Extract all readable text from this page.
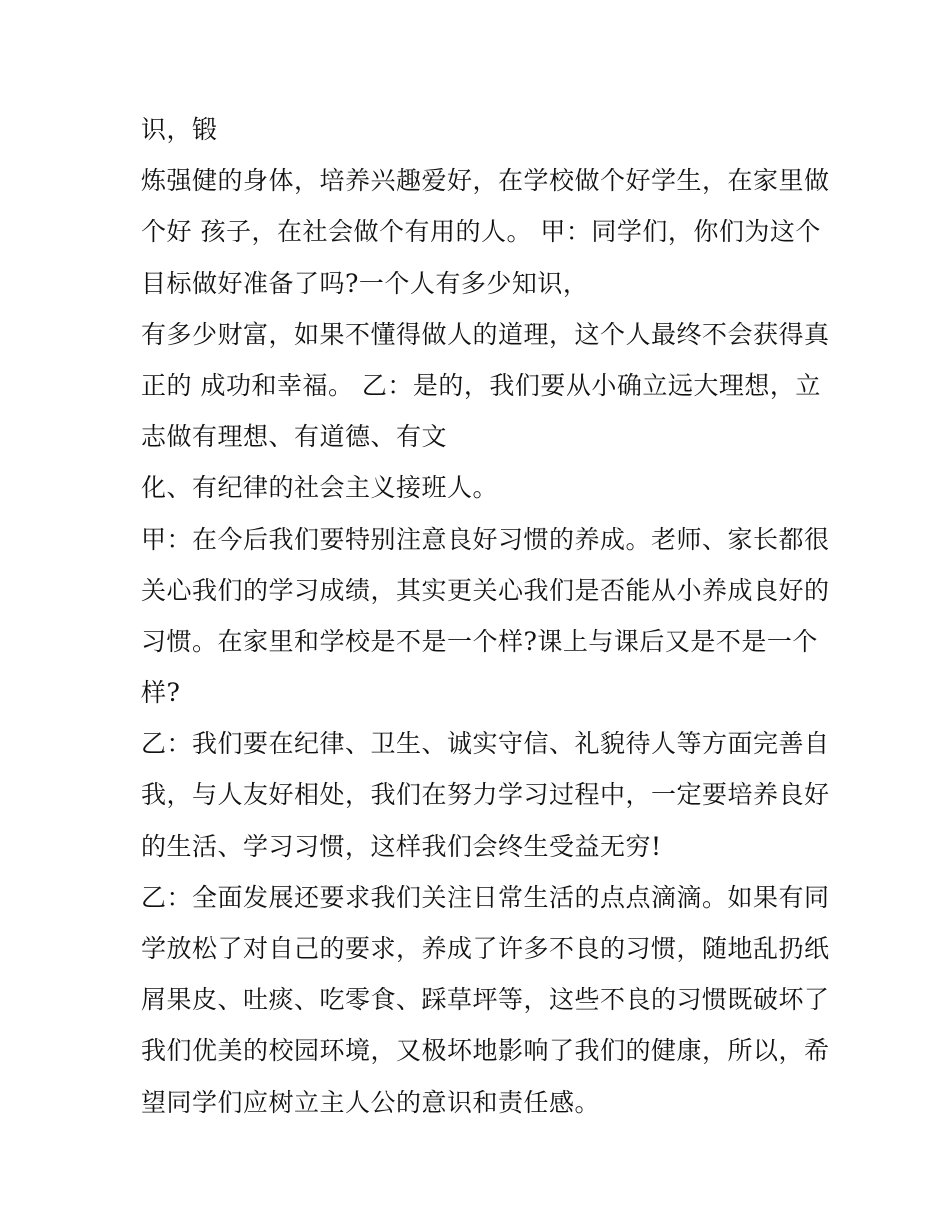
识，锻
炼强健的身体，培养兴趣爱好，在学校做个好学生，在家里做
个好 孩子，在社会做个有用的人。 甲：同学们，你们为这个
目标做好准备了吗?一个人有多少知识，
有多少财富，如果不懂得做人的道理，这个人最终不会获得真
正的 成功和幸福。 乙：是的，我们要从小确立远大理想，立
志做有理想、有道德、有文
化、有纪律的社会主义接班人。
甲：在今后我们要特别注意良好习惯的养成。老师、家长都很
关心我们的学习成绩，其实更关心我们是否能从小养成良好的
习惯。在家里和学校是不是一个样?课上与课后又是不是一个
样?
乙：我们要在纪律、卫生、诚实守信、礼貌待人等方面完善自
我，与人友好相处，我们在努力学习过程中，一定要培养良好
的生活、学习习惯，这样我们会终生受益无穷!
乙：全面发展还要求我们关注日常生活的点点滴滴。如果有同
学放松了对自己的要求，养成了许多不良的习惯，随地乱扔纸
屑果皮、吐痰、吃零食、踩草坪等，这些不良的习惯既破坏了
我们优美的校园环境，又极坏地影响了我们的健康，所以，希
望同学们应树立主人公的意识和责任感。
